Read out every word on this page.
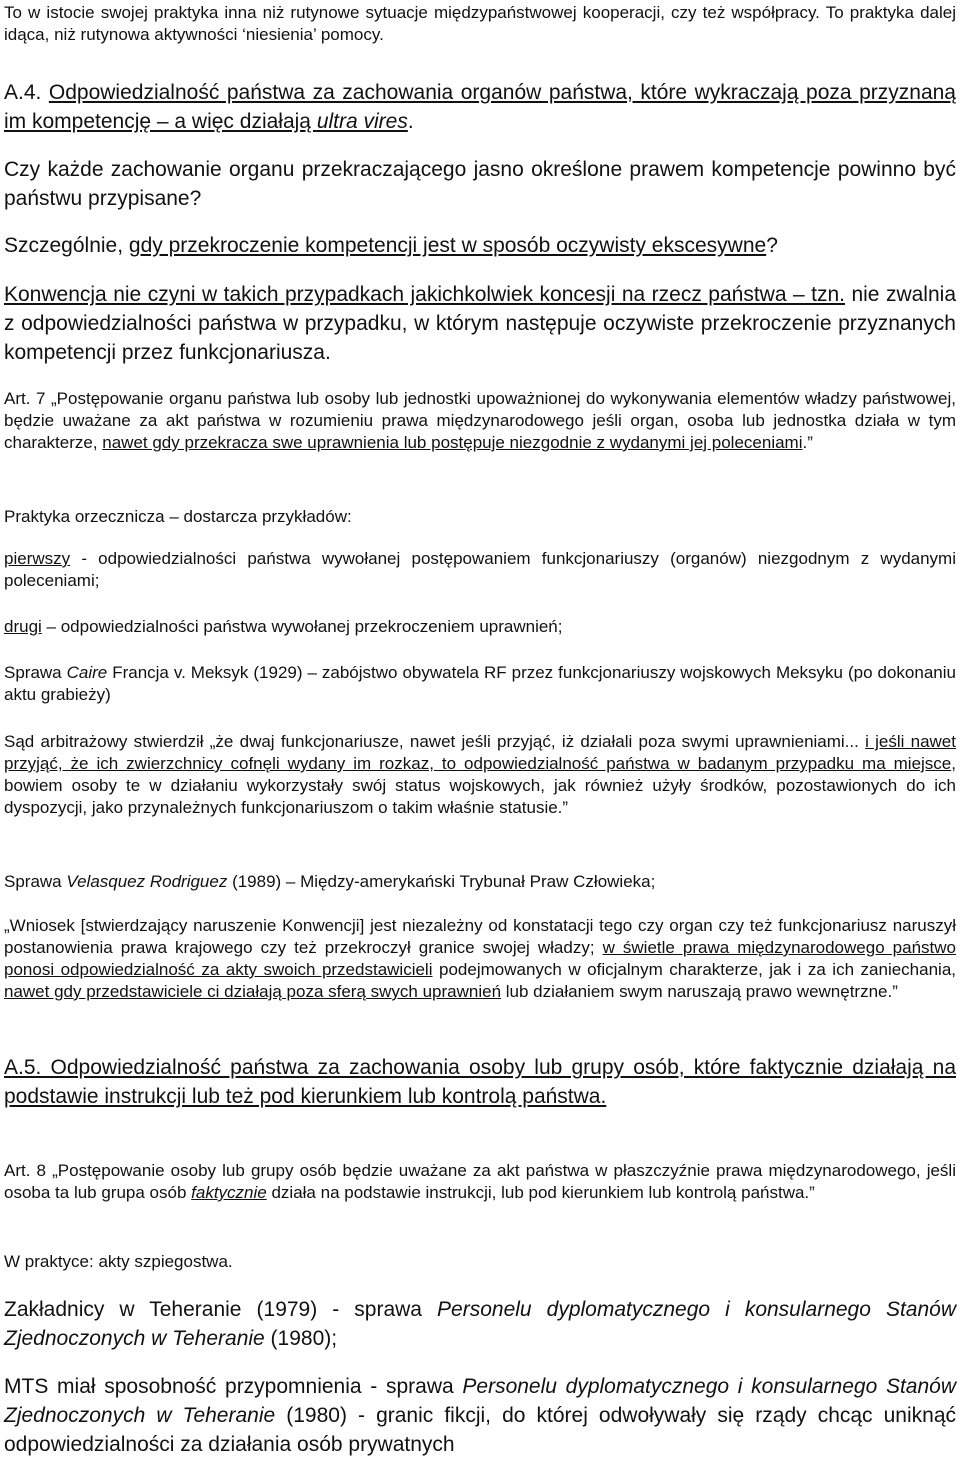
To w istocie swojej praktyka inna niż rutynowe sytuacje międzypaństwowej kooperacji, czy też współpracy. To praktyka dalej idąca, niż rutynowa aktywności ‘niesienia’ pomocy.

A.4. Odpowiedzialność państwa za zachowania organów państwa, które wykraczają poza przyznaną im kompetencję – a więc działają ultra vires.

Czy każde zachowanie organu przekraczającego jasno określone prawem kompetencje powinno być państwu przypisane?

Szczególnie, gdy przekroczenie kompetencji jest w sposób oczywisty ekscesywne?

Konwencja nie czyni w takich przypadkach jakichkolwiek koncesji na rzecz państwa – tzn. nie zwalnia z odpowiedzialności państwa w przypadku, w którym następuje oczywiste przekroczenie przyznanych kompetencji przez funkcjonariusza.

Art. 7 „Postępowanie organu państwa lub osoby lub jednostki upoważnionej do wykonywania elementów władzy państwowej, będzie uważane za akt państwa w rozumieniu prawa międzynarodowego jeśli organ, osoba lub jednostka działa w tym charakterze, nawet gdy przekracza swe uprawnienia lub postępuje niezgodnie z wydanymi jej poleceniami.”

Praktyka orzecznicza – dostarcza przykładów:

pierwszy - odpowiedzialności państwa wywołanej postępowaniem funkcjonariuszy (organów) niezgodnym z wydanymi poleceniami;

drugi – odpowiedzialności państwa wywołanej przekroczeniem uprawnień;

Sprawa Caire Francja v. Meksyk (1929) – zabójstwo obywatela RF przez funkcjonariuszy wojskowych Meksyku (po dokonaniu aktu grabieży)

Sąd arbitrażowy stwierdził „że dwaj funkcjonariusze, nawet jeśli przyjąć, iż działali poza swymi uprawnieniami... i jeśli nawet przyjąć, że ich zwierzchnicy cofnęli wydany im rozkaz, to odpowiedzialność państwa w badanym przypadku ma miejsce, bowiem osoby te w działaniu wykorzystały swój status wojskowych, jak również użyły środków, pozostawionych do ich dyspozycji, jako przynależnych funkcjonariuszom o takim właśnie statusie.”

Sprawa Velasquez Rodriguez (1989) – Między-amerykański Trybunał Praw Człowieka;

„Wniosek [stwierdzający naruszenie Konwencji] jest niezależny od konstatacji tego czy organ czy też funkcjonariusz naruszył postanowienia prawa krajowego czy też przekroczył granice swojej władzy; w świetle prawa międzynarodowego państwo ponosi odpowiedzialność za akty swoich przedstawicieli podejmowanych w oficjalnym charakterze, jak i za ich zaniechania, nawet gdy przedstawiciele ci działają poza sferą swych uprawnień lub działaniem swym naruszają prawo wewnętrzne.”

A.5. Odpowiedzialność państwa za zachowania osoby lub grupy osób, które faktycznie działają na podstawie instrukcji lub też pod kierunkiem lub kontrolą państwa.

Art. 8 „Postępowanie osoby lub grupy osób będzie uważane za akt państwa w płaszczyźnie prawa międzynarodowego, jeśli osoba ta lub grupa osób faktycznie działa na podstawie instrukcji, lub pod kierunkiem lub kontrolą państwa.”

W praktyce: akty szpiegostwa.

Zakładnicy w Teheranie (1979) - sprawa Personelu dyplomatycznego i konsularnego Stanów Zjednoczonych w Teheranie (1980);

MTS miał sposobność przypomnienia - sprawa Personelu dyplomatycznego i konsularnego Stanów Zjednoczonych w Teheranie (1980) - granic fikcji, do której odwoływały się rządy chcąc uniknąć odpowiedzialności za działania osób prywatnych
